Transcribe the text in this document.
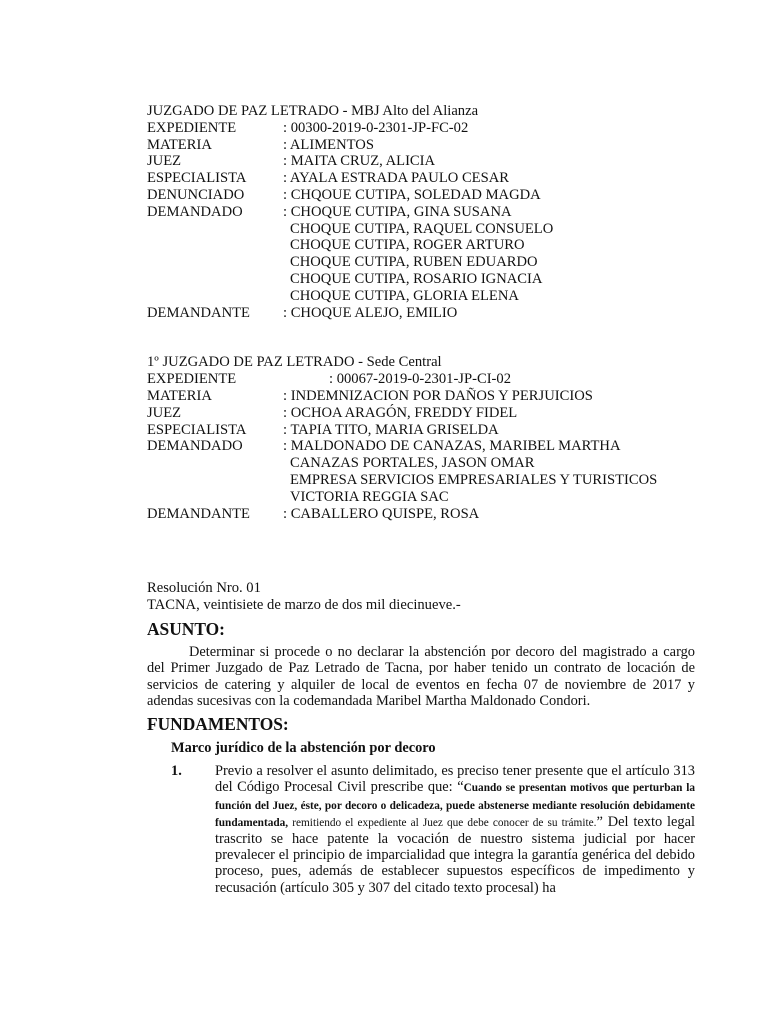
JUZGADO DE PAZ LETRADO - MBJ Alto del Alianza
EXPEDIENTE	: 00300-2019-0-2301-JP-FC-02
MATERIA	: ALIMENTOS
JUEZ	: MAITA CRUZ, ALICIA
ESPECIALISTA	: AYALA ESTRADA PAULO CESAR
DENUNCIADO	: CHQOUE CUTIPA, SOLEDAD MAGDA
DEMANDADO	: CHOQUE CUTIPA, GINA SUSANA
CHOQUE CUTIPA, RAQUEL CONSUELO
CHOQUE CUTIPA, ROGER ARTURO
CHOQUE CUTIPA, RUBEN EDUARDO
CHOQUE CUTIPA, ROSARIO IGNACIA
CHOQUE CUTIPA, GLORIA ELENA
DEMANDANTE	: CHOQUE ALEJO, EMILIO
1º JUZGADO DE PAZ LETRADO - Sede Central
EXPEDIENTE	: 00067-2019-0-2301-JP-CI-02
MATERIA	: INDEMNIZACION POR DAÑOS Y PERJUICIOS
JUEZ	: OCHOA ARAGÓN, FREDDY FIDEL
ESPECIALISTA	: TAPIA TITO, MARIA GRISELDA
DEMANDADO	: MALDONADO DE CANAZAS, MARIBEL MARTHA
CANAZAS PORTALES, JASON OMAR
EMPRESA SERVICIOS EMPRESARIALES Y TURISTICOS
VICTORIA REGGIA SAC
DEMANDANTE	: CABALLERO QUISPE, ROSA
Resolución Nro. 01
TACNA, veintisiete de marzo de dos mil diecinueve.-
ASUNTO:
Determinar si procede o no declarar la abstención por decoro del magistrado a cargo del Primer Juzgado de Paz Letrado de Tacna, por haber tenido un contrato de locación de servicios de catering y alquiler de local de eventos en fecha 07 de noviembre de 2017 y adendas sucesivas con la codemandada Maribel Martha Maldonado Condori.
FUNDAMENTOS:
Marco jurídico de la abstención por decoro
1.	Previo a resolver el asunto delimitado, es preciso tener presente que el artículo 313 del Código Procesal Civil prescribe que: “Cuando se presentan motivos que perturban la función del Juez, éste, por decoro o delicadeza, puede abstenerse mediante resolución debidamente fundamentada, remitiendo el expediente al Juez que debe conocer de su trámite.” Del texto legal trascrito se hace patente la vocación de nuestro sistema judicial por hacer prevalecer el principio de imparcialidad que integra la garantía genérica del debido proceso, pues, además de establecer supuestos específicos de impedimento y recusación (artículo 305 y 307 del citado texto procesal) ha
